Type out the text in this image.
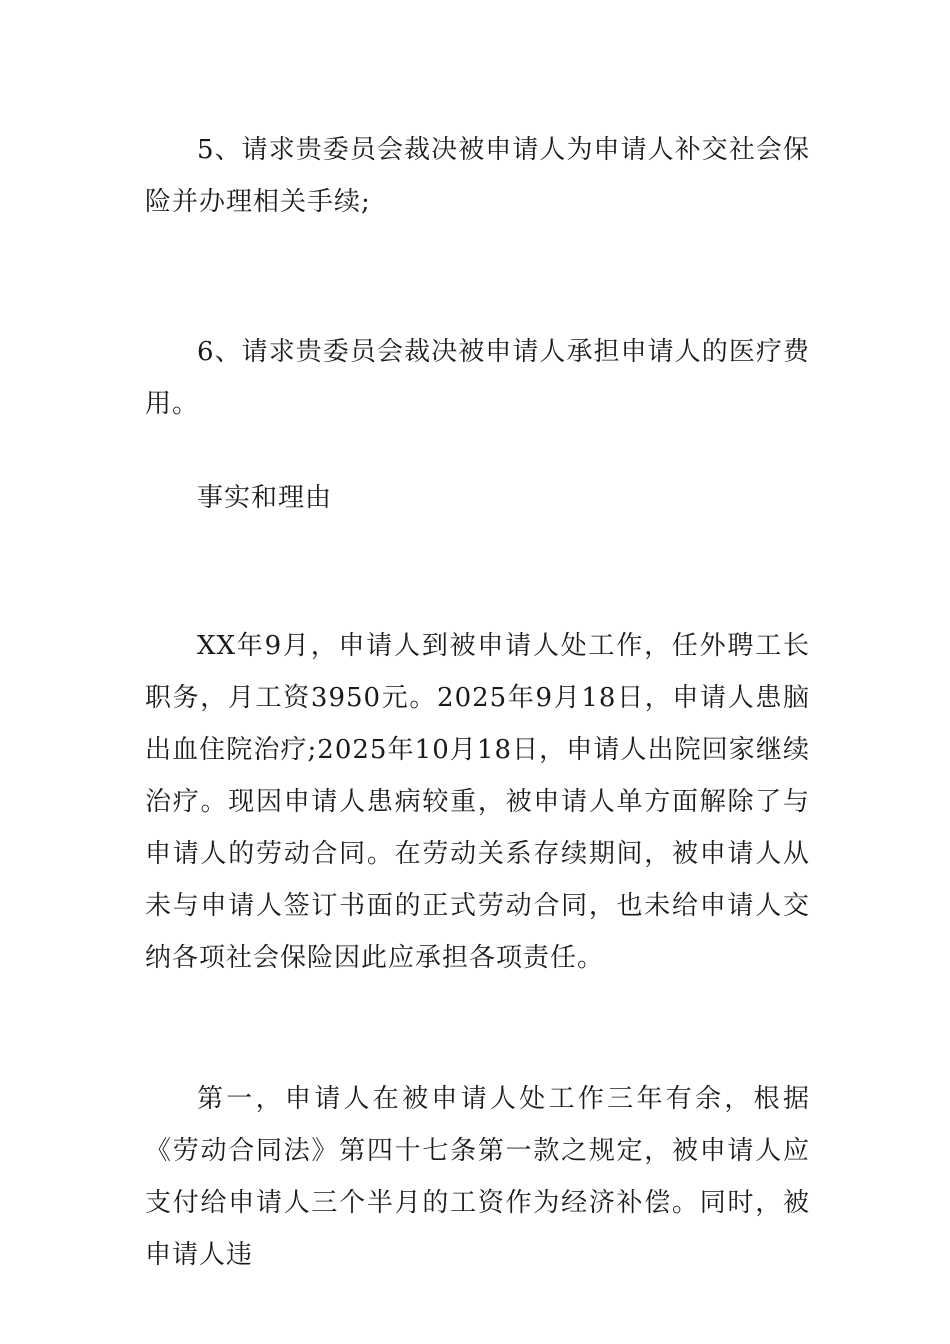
5、请求贵委员会裁决被申请人为申请人补交社会保险并办理相关手续;

6、请求贵委员会裁决被申请人承担申请人的医疗费用。

事实和理由

XX年9月，申请人到被申请人处工作，任外聘工长职务，月工资3950元。2025年9月18日，申请人患脑出血住院治疗;2025年10月18日，申请人出院回家继续治疗。现因申请人患病较重，被申请人单方面解除了与申请人的劳动合同。在劳动关系存续期间，被申请人从未与申请人签订书面的正式劳动合同，也未给申请人交纳各项社会保险因此应承担各项责任。

第一，申请人在被申请人处工作三年有余，根据《劳动合同法》第四十七条第一款之规定，被申请人应支付给申请人三个半月的工资作为经济补偿。同时，被申请人违
